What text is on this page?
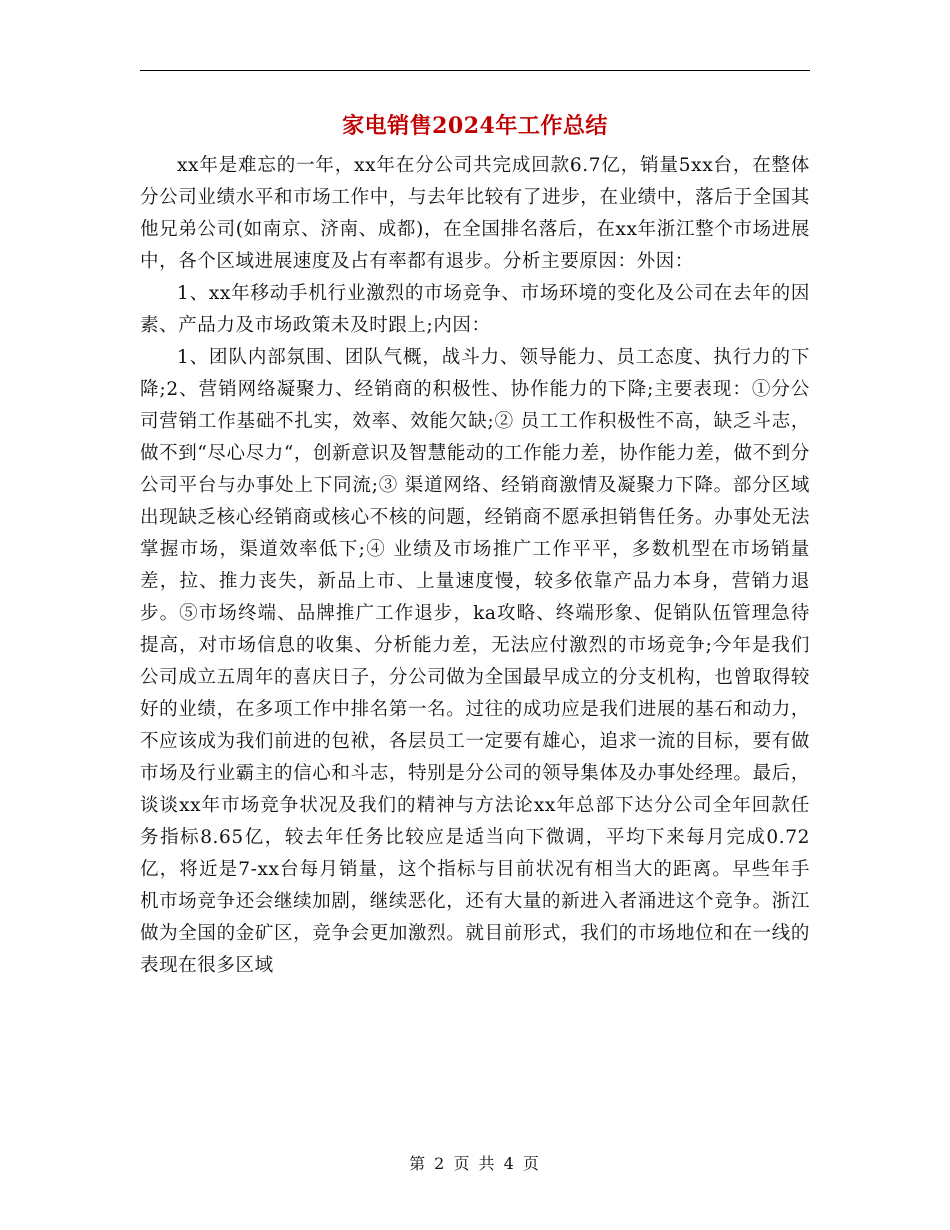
家电销售2024年工作总结

xx年是难忘的一年，xx年在分公司共完成回款6.7亿，销量5xx台，在整体分公司业绩水平和市场工作中，与去年比较有了进步，在业绩中，落后于全国其他兄弟公司(如南京、济南、成都)，在全国排名落后，在xx年浙江整个市场进展中，各个区域进展速度及占有率都有退步。分析主要原因：外因：

1、xx年移动手机行业激烈的市场竞争、市场环境的变化及公司在去年的因素、产品力及市场政策未及时跟上;内因：

1、团队内部氛围、团队气概，战斗力、领导能力、员工态度、执行力的下降;2、营销网络凝聚力、经销商的积极性、协作能力的下降;主要表现：①分公司营销工作基础不扎实，效率、效能欠缺;② 员工工作积极性不高，缺乏斗志，做不到“尽心尽力“，创新意识及智慧能动的工作能力差，协作能力差，做不到分公司平台与办事处上下同流;③ 渠道网络、经销商激情及凝聚力下降。部分区域出现缺乏核心经销商或核心不核的问题，经销商不愿承担销售任务。办事处无法掌握市场，渠道效率低下;④ 业绩及市场推广工作平平，多数机型在市场销量差，拉、推力丧失，新品上市、上量速度慢，较多依靠产品力本身，营销力退步。⑤市场终端、品牌推广工作退步，ka攻略、终端形象、促销队伍管理急待提高，对市场信息的收集、分析能力差，无法应付激烈的市场竞争;今年是我们公司成立五周年的喜庆日子，分公司做为全国最早成立的分支机构，也曾取得较好的业绩，在多项工作中排名第一名。过往的成功应是我们进展的基石和动力，不应该成为我们前进的包袱，各层员工一定要有雄心，追求一流的目标，要有做市场及行业霸主的信心和斗志，特别是分公司的领导集体及办事处经理。最后，谈谈xx年市场竞争状况及我们的精神与方法论xx年总部下达分公司全年回款任务指标8.65亿，较去年任务比较应是适当向下微调，平均下来每月完成0.72亿，将近是7-xx台每月销量，这个指标与目前状况有相当大的距离。早些年手机市场竞争还会继续加剧，继续恶化，还有大量的新进入者涌进这个竞争。浙江做为全国的金矿区，竞争会更加激烈。就目前形式，我们的市场地位和在一线的表现在很多区域

第 2 页 共 4 页
